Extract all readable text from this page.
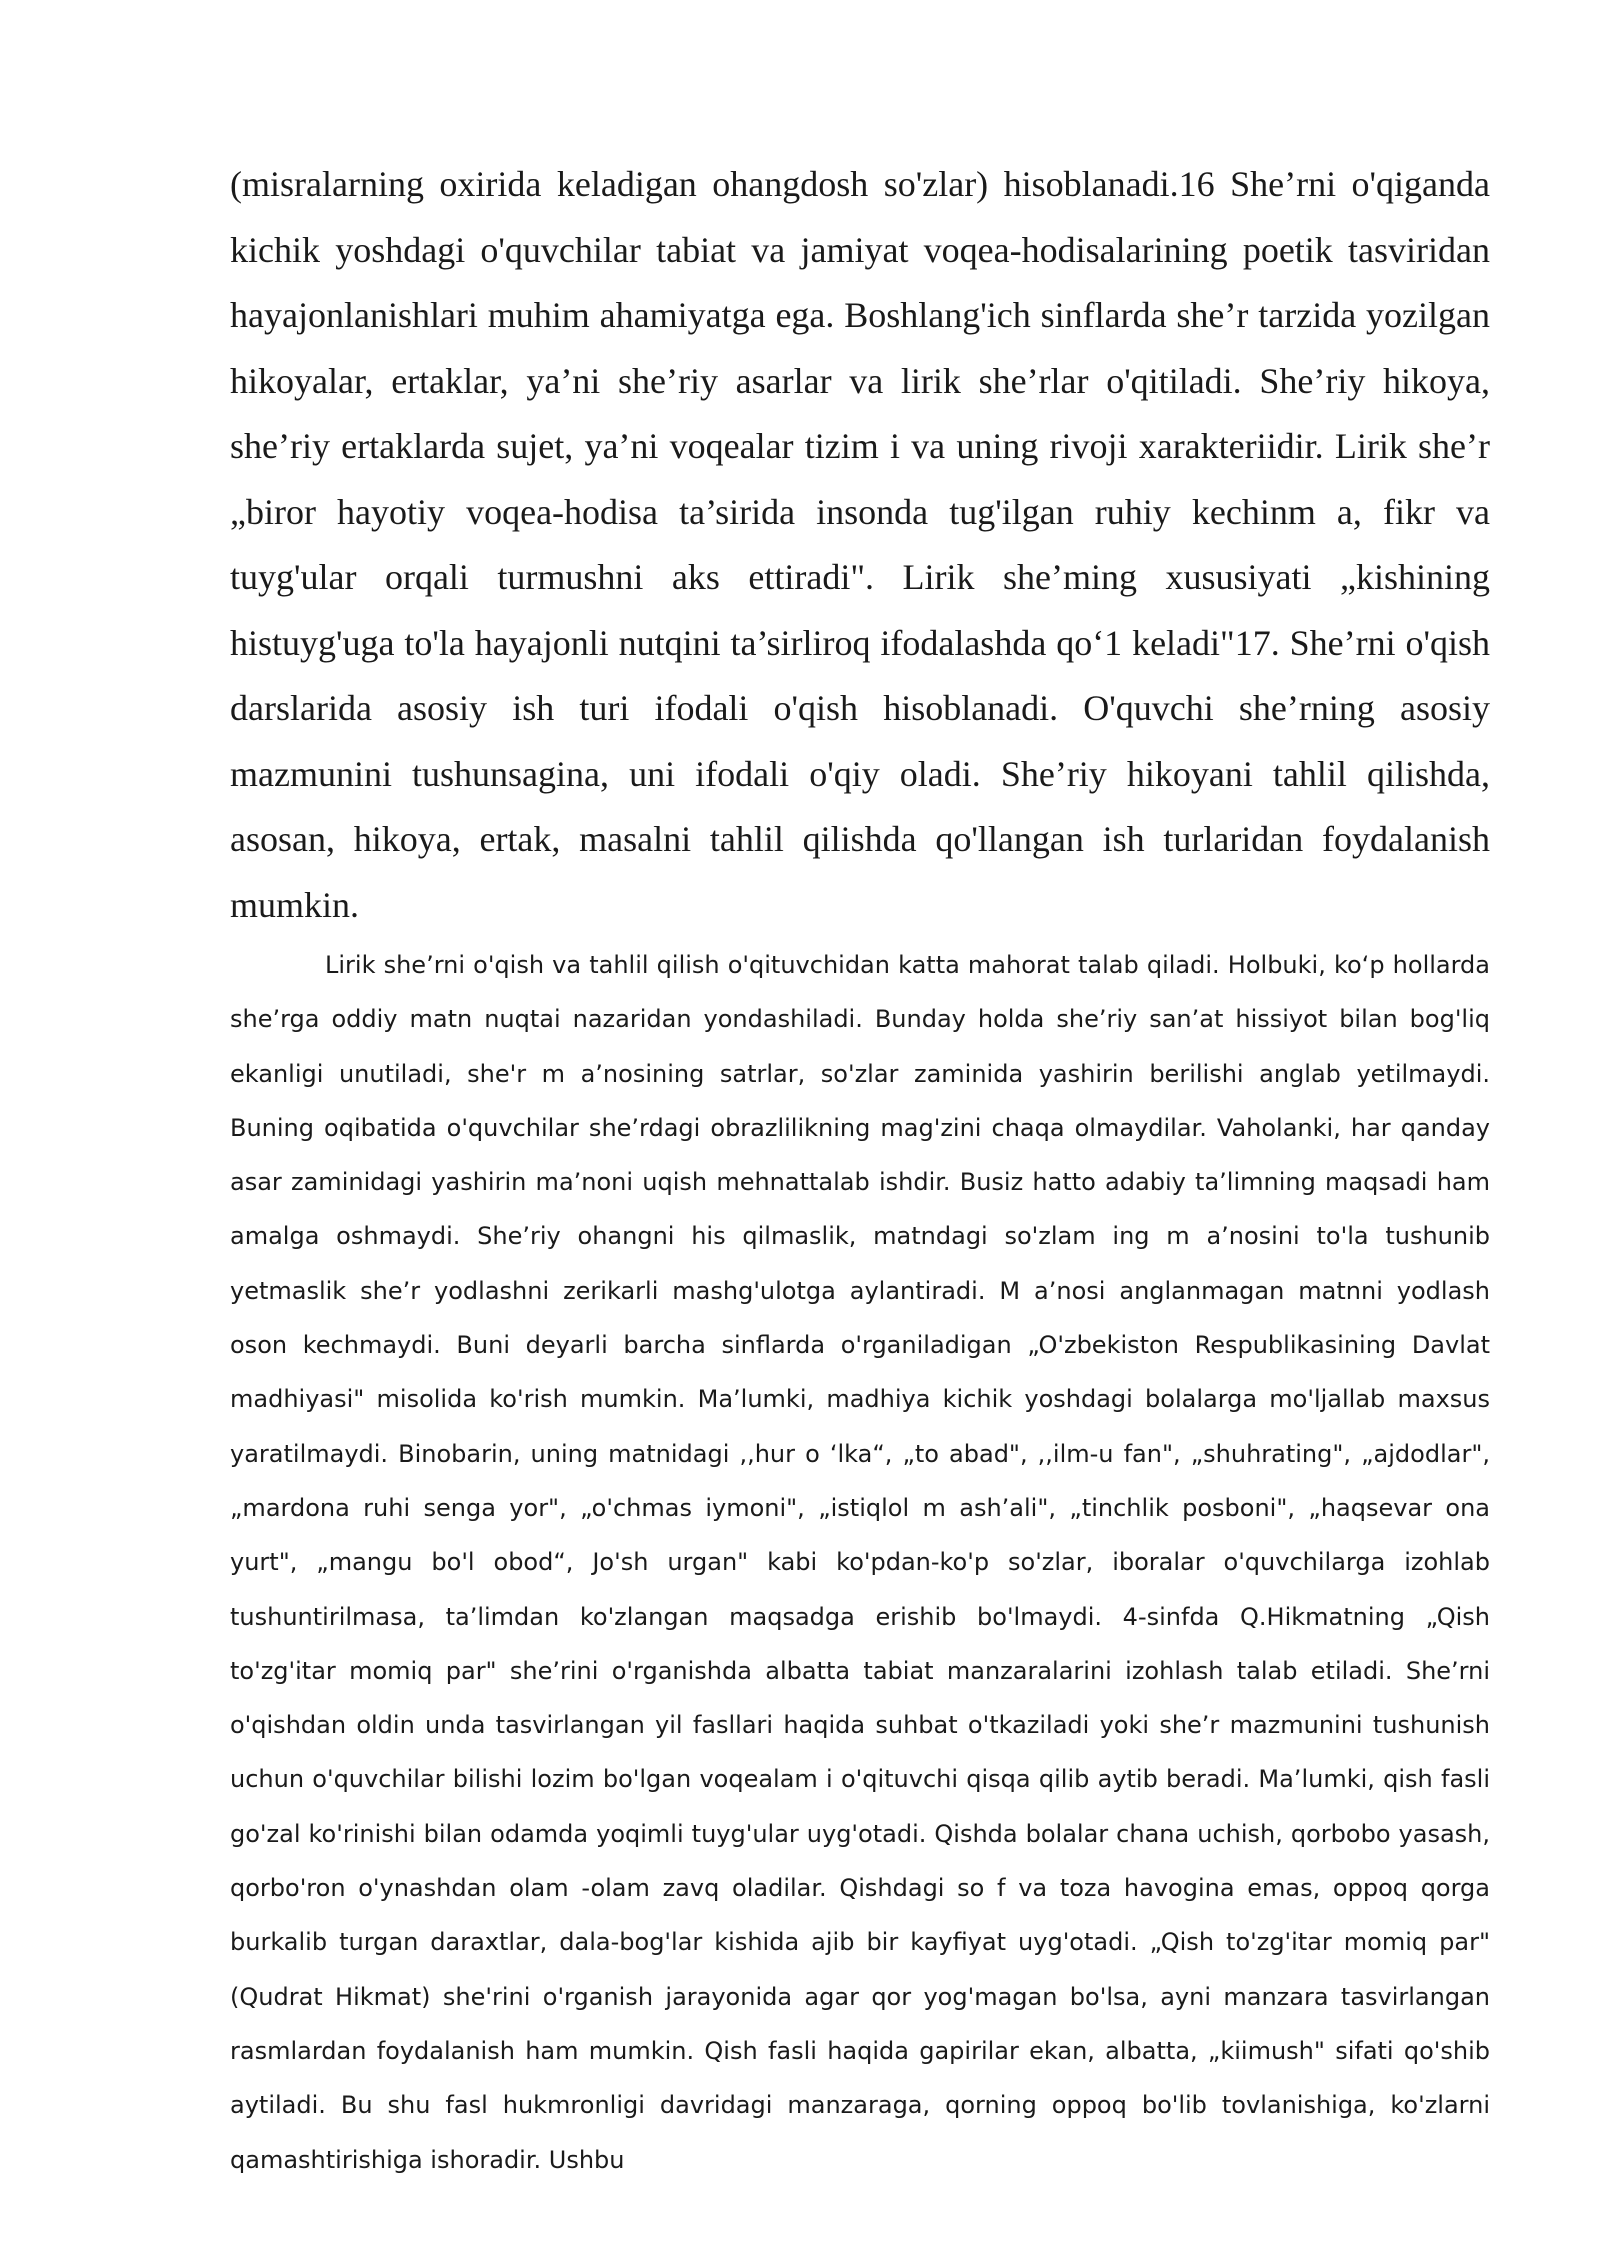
(misralarning oxirida keladigan ohangdosh so'zlar) hisoblanadi.16 She’rni o'qiganda kichik yoshdagi o'quvchilar tabiat va jamiyat voqea-hodisalarining poetik tasviridan hayajonlanishlari muhim ahamiyatga ega. Boshlang'ich sinflarda she’r tarzida yozilgan hikoyalar, ertaklar, ya’ni she’riy asarlar va lirik she’rlar o'qitiladi. She’riy hikoya, she’riy ertaklarda sujet, ya’ni voqealar tizim i va uning rivoji xarakteriidir. Lirik she’r „biror hayotiy voqea-hodisa ta’sirida insonda tug'ilgan ruhiy kechinm a, fikr va tuyg'ular orqali turmushni aks ettiradi". Lirik she’ming xususiyati „kishining histuyg'uga to'la hayajonli nutqini ta’sirliroq ifodalashda qo‘1 keladi"17. She’rni o'qish darslarida asosiy ish turi ifodali o'qish hisoblanadi. O'quvchi she’rning asosiy mazmunini tushunsagina, uni ifodali o'qiy oladi. She’riy hikoyani tahlil qilishda, asosan, hikoya, ertak, masalni tahlil qilishda qo'llangan ish turlaridan foydalanish mumkin.

Lirik she’rni o'qish va tahlil qilish o'qituvchidan katta mahorat talab qiladi. Holbuki, ko‘p hollarda she’rga oddiy matn nuqtai nazaridan yondashiladi. Bunday holda she’riy san’at hissiyot bilan bog'liq ekanligi unutiladi, she'r m a’nosining satrlar, so'zlar zaminida yashirin berilishi anglab yetilmaydi. Buning oqibatida o'quvchilar she’rdagi obrazlilikning mag'zini chaqa olmaydilar. Vaholanki, har qanday asar zaminidagi yashirin ma’noni uqish mehnattalab ishdir. Busiz hatto adabiy ta’limning maqsadi ham amalga oshmaydi. She’riy ohangni his qilmaslik, matndagi so'zlam ing m a’nosini to'la tushunib yetmaslik she’r yodlashni zerikarli mashg'ulotga aylantiradi. M a’nosi anglanmagan matnni yodlash oson kechmaydi. Buni deyarli barcha sinflarda o'rganiladigan „O'zbekiston Respublikasining Davlat madhiyasi" misolida ko'rish mumkin. Ma’lumki, madhiya kichik yoshdagi bolalarga mo'ljallab maxsus yaratilmaydi. Binobarin, uning matnidagi ,,hur o ‘lka“, „to abad", ,,ilm-u fan", „shuhrating", „ajdodlar", „mardona ruhi senga yor", „o'chmas iymoni", „istiqlol m ash’ali", „tinchlik posboni", „haqsevar ona yurt", „mangu bo'l obod“, Jo'sh urgan" kabi ko'pdan-ko'p so'zlar, iboralar o'quvchilarga izohlab tushuntirilmasa, ta’limdan ko'zlangan maqsadga erishib bo'lmaydi. 4-sinfda Q.Hikmatning „Qish to'zg'itar momiq par" she’rini o'rganishda albatta tabiat manzaralarini izohlash talab etiladi. She’rni o'qishdan oldin unda tasvirlangan yil fasllari haqida suhbat o'tkaziladi yoki she’r mazmunini tushunish uchun o'quvchilar bilishi lozim bo'lgan voqealam i o'qituvchi qisqa qilib aytib beradi. Ma’lumki, qish fasli go'zal ko'rinishi bilan odamda yoqimli tuyg'ular uyg'otadi. Qishda bolalar chana uchish, qorbobo yasash, qorbo'ron o'ynashdan olam -olam zavq oladilar. Qishdagi so f va toza havogina emas, oppoq qorga burkalib turgan daraxtlar, dala-bog'lar kishida ajib bir kayfiyat uyg'otadi. „Qish to'zg'itar momiq par" (Qudrat Hikmat) she'rini o'rganish jarayonida agar qor yog'magan bo'lsa, ayni manzara tasvirlangan rasmlardan foydalanish ham mumkin. Qish fasli haqida gapirilar ekan, albatta, „kiimush" sifati qo'shib aytiladi. Bu shu fasl hukmronligi davridagi manzaraga, qorning oppoq bo'lib tovlanishiga, ko'zlarni qamashtirishiga ishoradir. Ushbu
